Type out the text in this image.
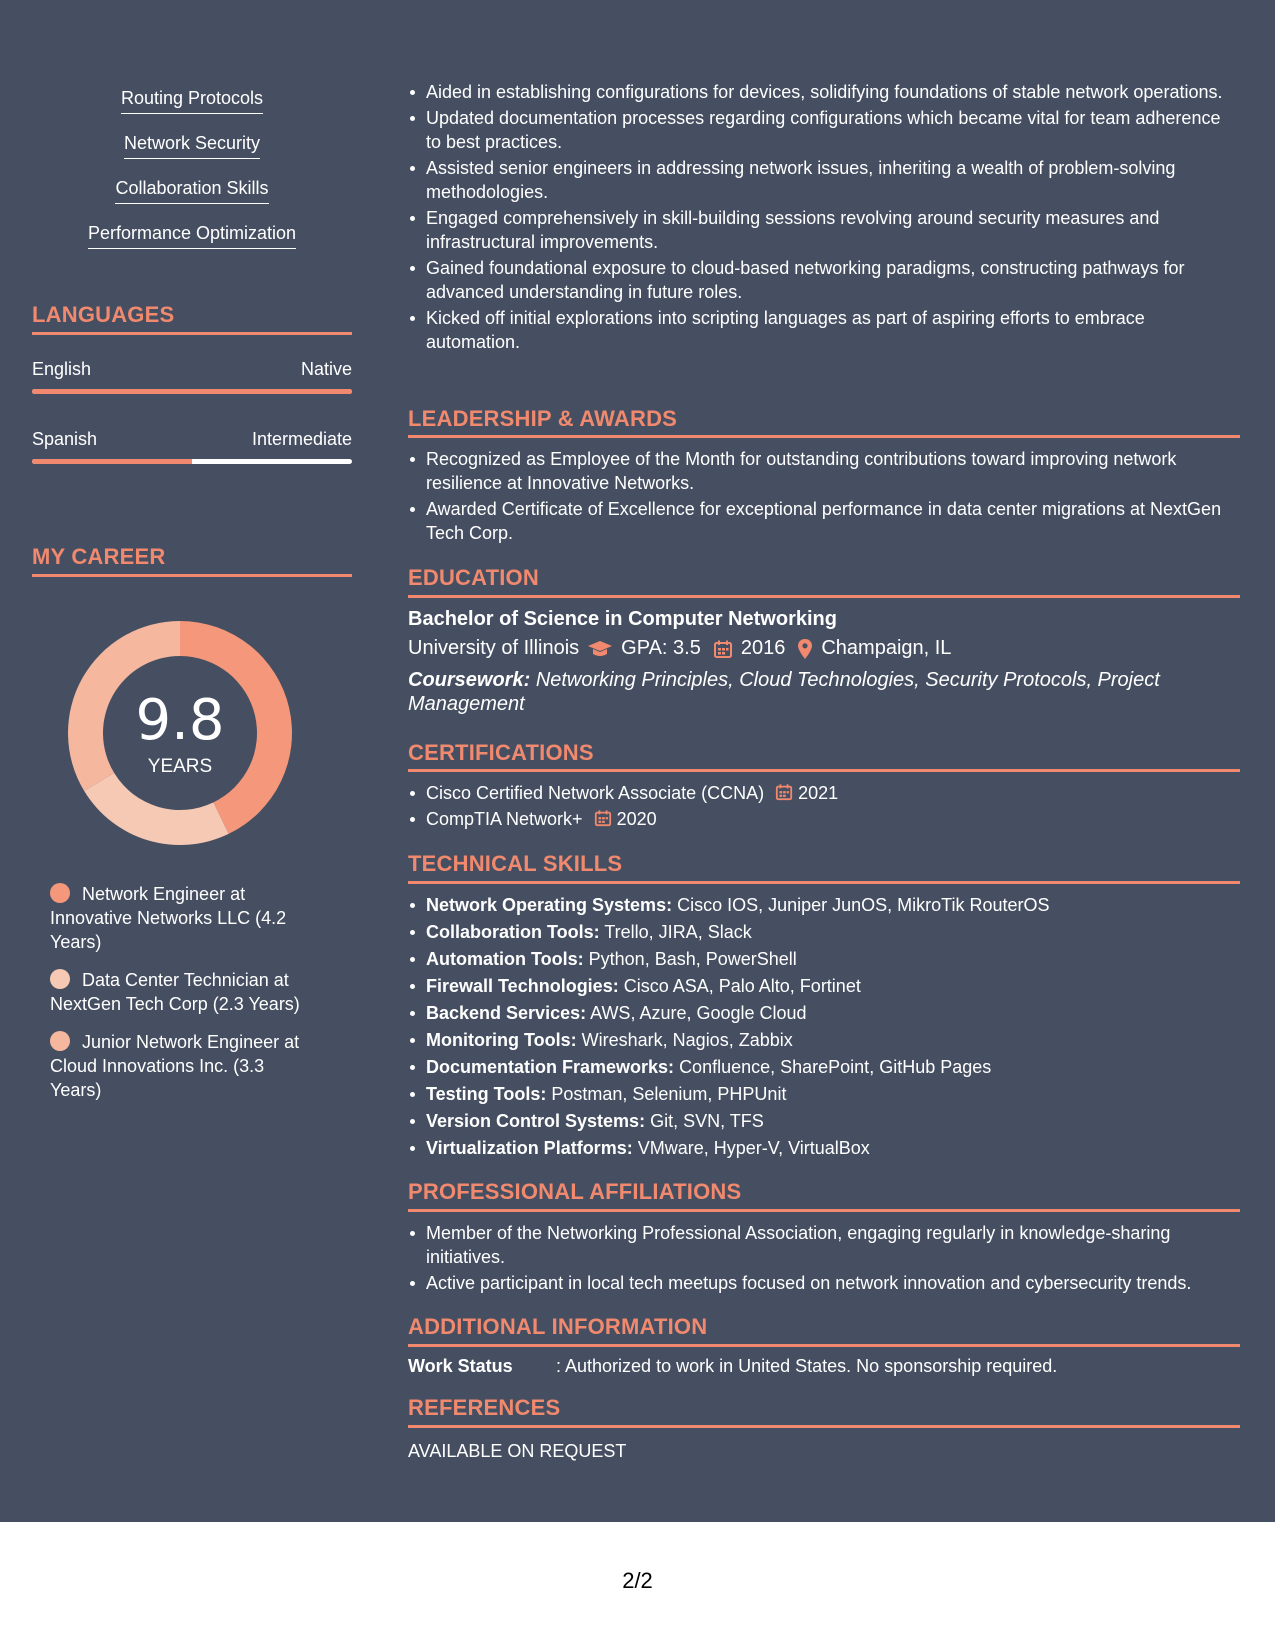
Routing Protocols
Network Security
Collaboration Skills
Performance Optimization
LANGUAGES
English	Native
Spanish	Intermediate
MY CAREER
9.8
YEARS
Network Engineer at Innovative Networks LLC (4.2 Years)
Data Center Technician at NextGen Tech Corp (2.3 Years)
Junior Network Engineer at Cloud Innovations Inc. (3.3 Years)
Aided in establishing configurations for devices, solidifying foundations of stable network operations.
Updated documentation processes regarding configurations which became vital for team adherence to best practices.
Assisted senior engineers in addressing network issues, inheriting a wealth of problem-solving methodologies.
Engaged comprehensively in skill-building sessions revolving around security measures and infrastructural improvements.
Gained foundational exposure to cloud-based networking paradigms, constructing pathways for advanced understanding in future roles.
Kicked off initial explorations into scripting languages as part of aspiring efforts to embrace automation.
LEADERSHIP & AWARDS
Recognized as Employee of the Month for outstanding contributions toward improving network resilience at Innovative Networks.
Awarded Certificate of Excellence for exceptional performance in data center migrations at NextGen Tech Corp.
EDUCATION
Bachelor of Science in Computer Networking
University of Illinois GPA: 3.5 2016 Champaign, IL
Coursework: Networking Principles, Cloud Technologies, Security Protocols, Project Management
CERTIFICATIONS
Cisco Certified Network Associate (CCNA) 2021
CompTIA Network+ 2020
TECHNICAL SKILLS
Network Operating Systems: Cisco IOS, Juniper JunOS, MikroTik RouterOS
Collaboration Tools: Trello, JIRA, Slack
Automation Tools: Python, Bash, PowerShell
Firewall Technologies: Cisco ASA, Palo Alto, Fortinet
Backend Services: AWS, Azure, Google Cloud
Monitoring Tools: Wireshark, Nagios, Zabbix
Documentation Frameworks: Confluence, SharePoint, GitHub Pages
Testing Tools: Postman, Selenium, PHPUnit
Version Control Systems: Git, SVN, TFS
Virtualization Platforms: VMware, Hyper-V, VirtualBox
PROFESSIONAL AFFILIATIONS
Member of the Networking Professional Association, engaging regularly in knowledge-sharing initiatives.
Active participant in local tech meetups focused on network innovation and cybersecurity trends.
ADDITIONAL INFORMATION
Work Status : Authorized to work in United States. No sponsorship required.
REFERENCES
AVAILABLE ON REQUEST
2/2
